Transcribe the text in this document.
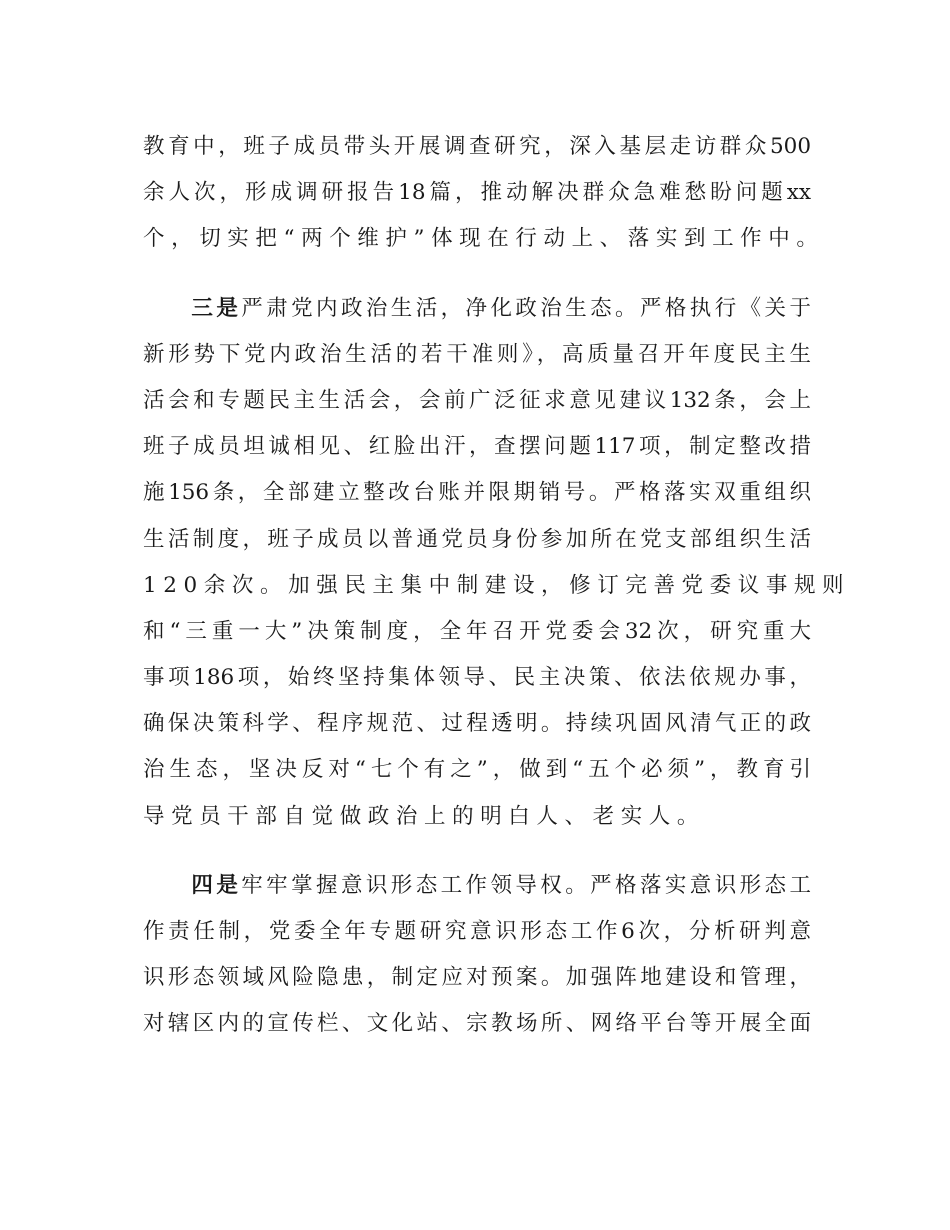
教育中，班子成员带头开展调查研究，深入基层走访群众500
余人次，形成调研报告18篇，推动解决群众急难愁盼问题xx
个，切实把“两个维护”体现在行动上、落实到工作中。
三是严肃党内政治生活，净化政治生态。严格执行《关于
新形势下党内政治生活的若干准则》，高质量召开年度民主生
活会和专题民主生活会，会前广泛征求意见建议132条，会上
班子成员坦诚相见、红脸出汗，查摆问题117项，制定整改措
施156条，全部建立整改台账并限期销号。严格落实双重组织
生活制度，班子成员以普通党员身份参加所在党支部组织生活
120余次。加强民主集中制建设，修订完善党委议事规则
和“三重一大”决策制度，全年召开党委会32次，研究重大
事项186项，始终坚持集体领导、民主决策、依法依规办事，
确保决策科学、程序规范、过程透明。持续巩固风清气正的政
治生态，坚决反对“七个有之”，做到“五个必须”，教育引
导党员干部自觉做政治上的明白人、老实人。
四是牢牢掌握意识形态工作领导权。严格落实意识形态工
作责任制，党委全年专题研究意识形态工作6次，分析研判意
识形态领域风险隐患，制定应对预案。加强阵地建设和管理，
对辖区内的宣传栏、文化站、宗教场所、网络平台等开展全面
